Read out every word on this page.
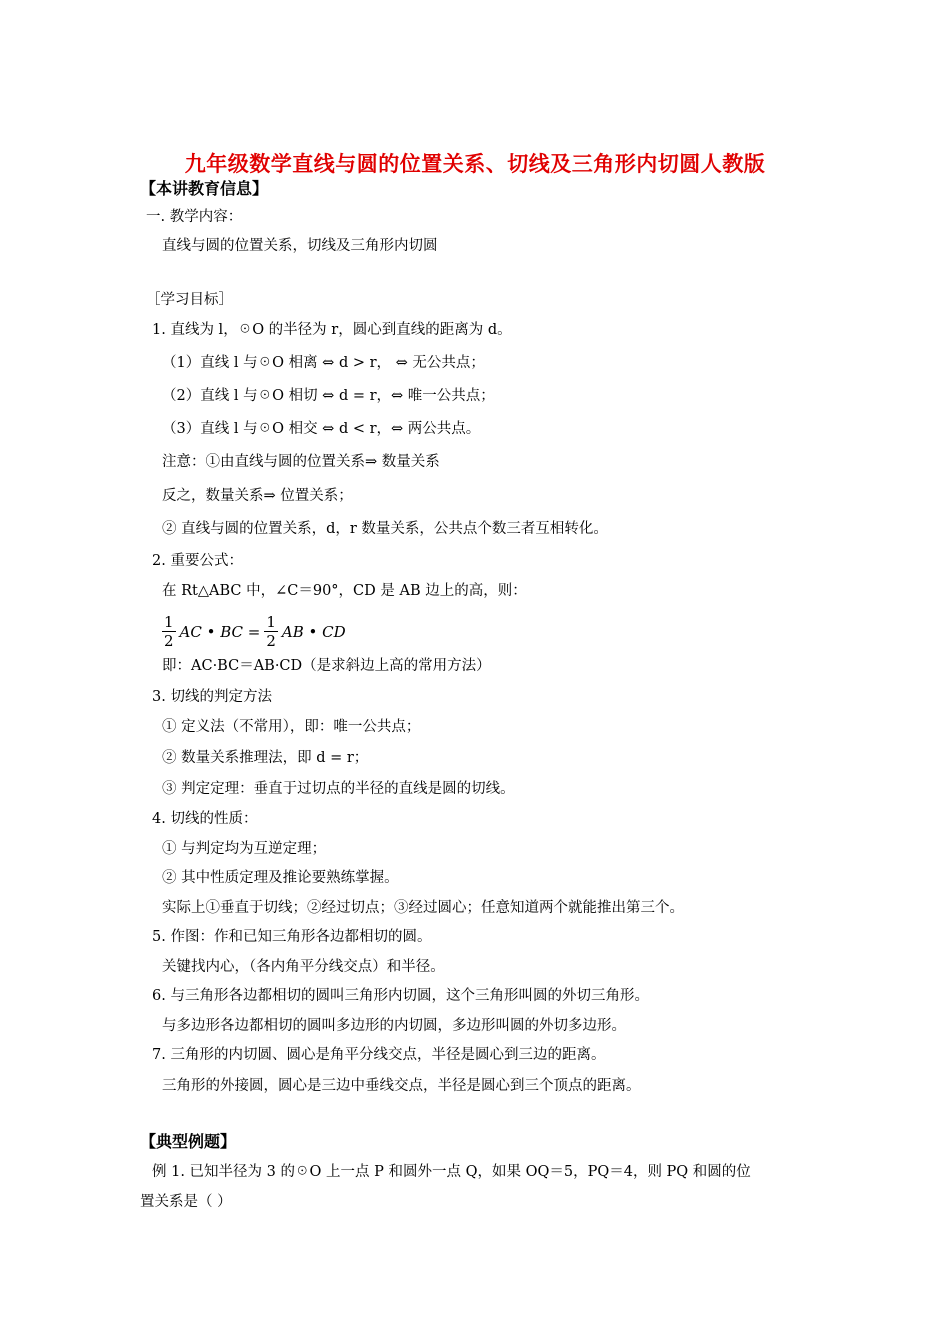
九年级数学直线与圆的位置关系、切线及三角形内切圆人教版
【本讲教育信息】
一. 教学内容：
直线与圆的位置关系，切线及三角形内切圆
［学习目标］
1. 直线为 l，☉O 的半径为 r，圆心到直线的距离为 d。
（1）直线 l 与☉O 相离 ⇔ d > r， ⇔ 无公共点；
（2）直线 l 与☉O 相切 ⇔ d = r，⇔ 唯一公共点；
（3）直线 l 与☉O 相交 ⇔ d < r，⇔ 两公共点。
注意：①由直线与圆的位置关系⇒ 数量关系
反之，数量关系⇒ 位置关系；
② 直线与圆的位置关系，d，r 数量关系，公共点个数三者互相转化。
2. 重要公式：
在 Rt△ABC 中，∠C＝90°，CD 是 AB 边上的高，则：
$\frac{1}{2}$ AC • BC = $\frac{1}{2}$ AB • CD
即：AC·BC＝AB·CD（是求斜边上高的常用方法）
3. 切线的判定方法
① 定义法（不常用），即：唯一公共点；
② 数量关系推理法，即 d = r；
③ 判定定理：垂直于过切点的半径的直线是圆的切线。
4. 切线的性质：
① 与判定均为互逆定理；
② 其中性质定理及推论要熟练掌握。
实际上①垂直于切线；②经过切点；③经过圆心；任意知道两个就能推出第三个。
5. 作图：作和已知三角形各边都相切的圆。
关键找内心，（各内角平分线交点）和半径。
6. 与三角形各边都相切的圆叫三角形内切圆，这个三角形叫圆的外切三角形。
与多边形各边都相切的圆叫多边形的内切圆，多边形叫圆的外切多边形。
7. 三角形的内切圆、圆心是角平分线交点，半径是圆心到三边的距离。
三角形的外接圆，圆心是三边中垂线交点，半径是圆心到三个顶点的距离。
【典型例题】
例 1. 已知半径为 3 的☉O 上一点 P 和圆外一点 Q，如果 OQ＝5，PQ＝4，则 PQ 和圆的位
置关系是（ ）
